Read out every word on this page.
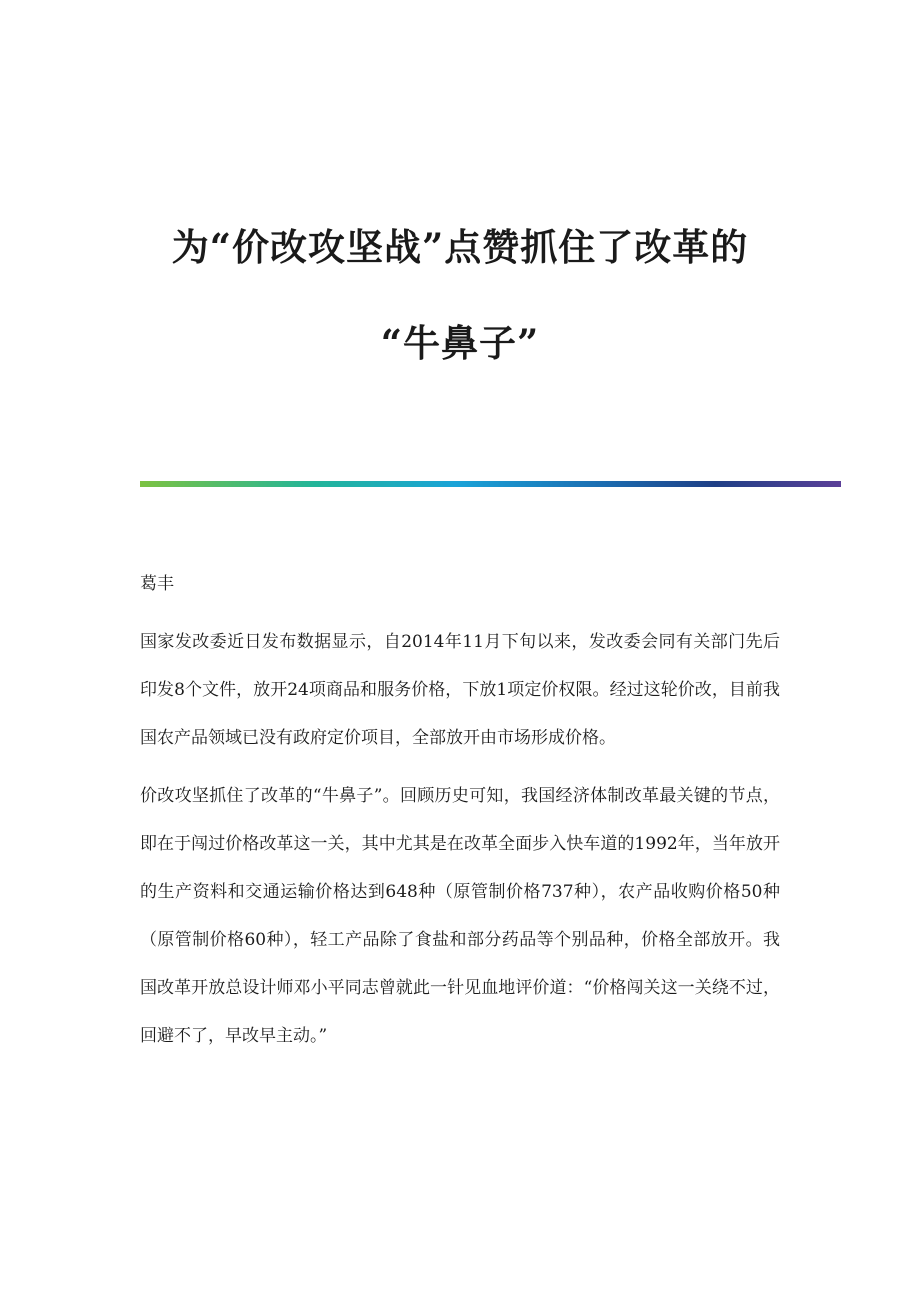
为“价改攻坚战”点赞抓住了改革的
“牛鼻子”

葛丰

国家发改委近日发布数据显示，自2014年11月下旬以来，发改委会同有关部门先后印发8个文件，放开24项商品和服务价格，下放1项定价权限。经过这轮价改，目前我国农产品领域已没有政府定价项目，全部放开由市场形成价格。

价改攻坚抓住了改革的“牛鼻子”。回顾历史可知，我国经济体制改革最关键的节点，即在于闯过价格改革这一关，其中尤其是在改革全面步入快车道的1992年，当年放开的生产资料和交通运输价格达到648种（原管制价格737种），农产品收购价格50种（原管制价格60种），轻工产品除了食盐和部分药品等个别品种，价格全部放开。我国改革开放总设计师邓小平同志曾就此一针见血地评价道：“价格闯关这一关绕不过，回避不了，早改早主动。”
